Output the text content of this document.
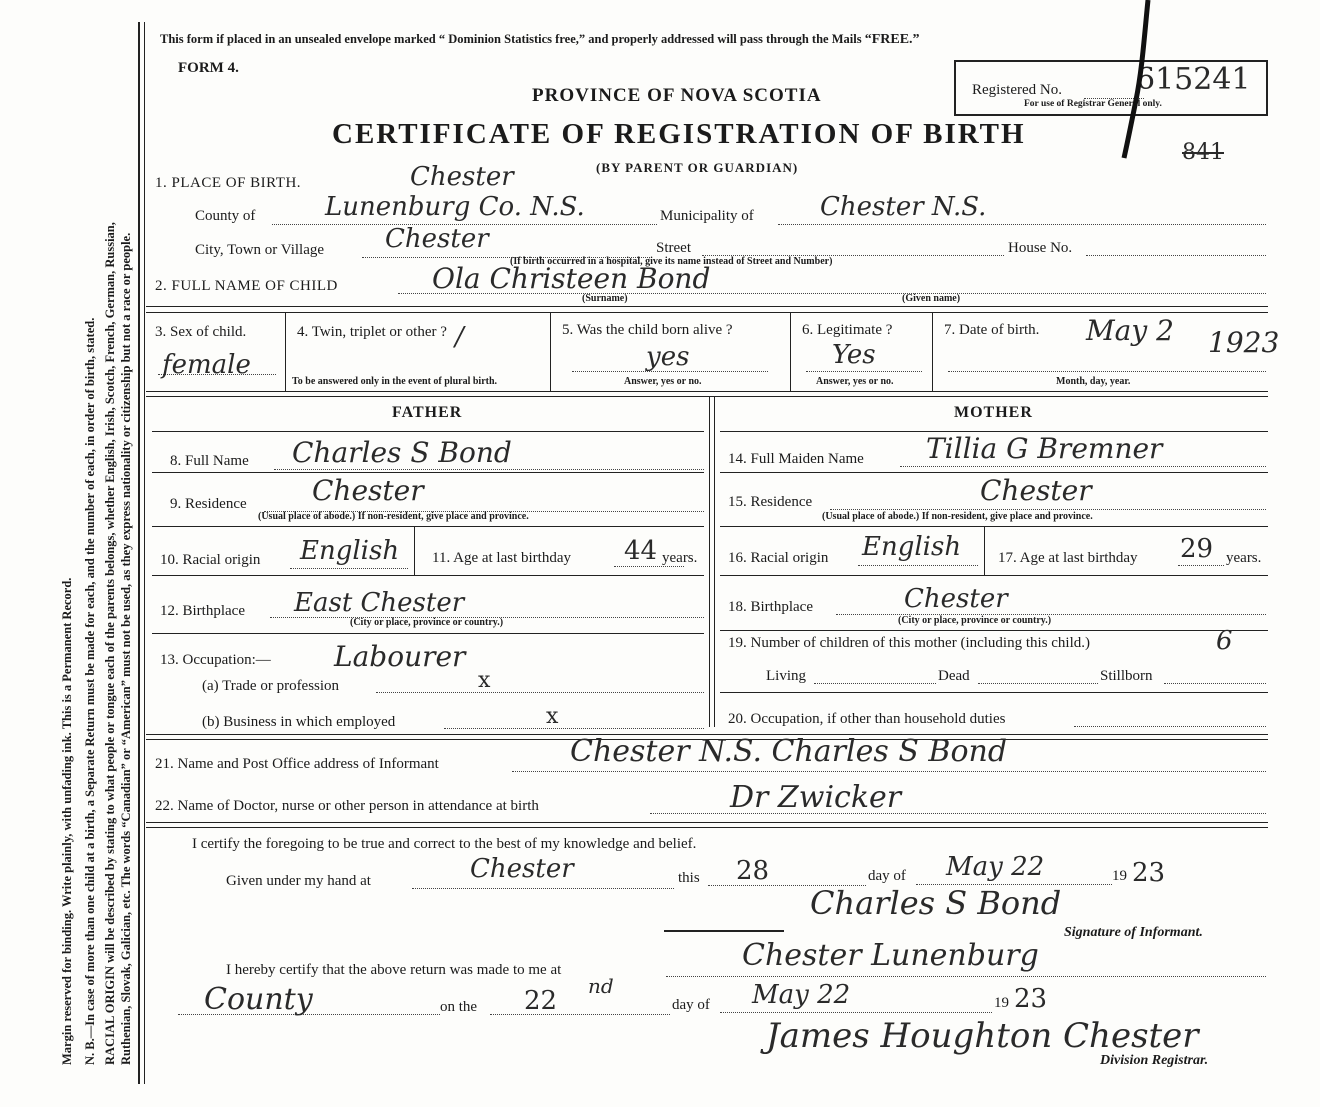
Margin reserved for binding. Write plainly, with unfading ink. This is a Permanent Record. N. B.—In case of more than one child at a birth, a Separate Return must be made for each, and the number of each, in order of birth, stated. RACIAL ORIGIN will be described by stating to what people or tongue each of the parents belongs, whether English, Irish, Scotch, French, German, Russian, Ruthenian, Slovak, Galician, etc. The words “Canadian” or “American” must not be used, as they express nationality or citizenship but not a race or people.
This form if placed in an unsealed envelope marked “ Dominion Statistics free,” and properly addressed will pass through the Mails “FREE.”
FORM 4.
PROVINCE OF NOVA SCOTIA
CERTIFICATE OF REGISTRATION OF BIRTH
(BY PARENT OR GUARDIAN)
Registered No. 615241
For use of Registrar General only.
841
1. PLACE OF BIRTH.	Chester
County of	Lunenburg Co. N.S.	Municipality of	Chester N.S.
City, Town or Village Chester	Street	House No.
(If birth occurred in a hospital, give its name instead of Street and Number)
2. FULL NAME OF CHILD	Ola Christeen Bond
(Surname)	(Given name)
3. Sex of child.
female
4. Twin, triplet or other ? /
To be answered only in the event of plural birth.
5. Was the child born alive ?
yes
Answer, yes or no.
6. Legitimate ?
Yes
Answer, yes or no.
7. Date of birth. May 2 1923
Month, day, year.
FATHER
8. Full Name Charles S Bond
9. Residence Chester
(Usual place of abode.) If non-resident, give place and province.
10. Racial origin English 11. Age at last birthday 44 years.
12. Birthplace East Chester
(City or place, province or country.)
13. Occupation:— Labourer
(a) Trade or profession	x
(b) Business in which employed	x
MOTHER
14. Full Maiden Name Tillia G Bremner
15. Residence	Chester
(Usual place of abode.) If non-resident, give place and province.
16. Racial origin English 17. Age at last birthday 29 years.
18. Birthplace	Chester
(City or place, province or country.)
19. Number of children of this mother (including this child.)	6
Living	Dead	Stillborn
20. Occupation, if other than household duties
21. Name and Post Office address of Informant	Chester N.S. Charles S Bond
22. Name of Doctor, nurse or other person in attendance at birth	Dr Zwicker
I certify the foregoing to be true and correct to the best of my knowledge and belief.
Given under my hand at	Chester	this 28	day of May 22	19 23
Charles S Bond
Signature of Informant.
I hereby certify that the above return was made to me at	Chester Lunenburg
County	on the 22 nd
day of May 22	19 23
James Houghton Chester
Division Registrar.
